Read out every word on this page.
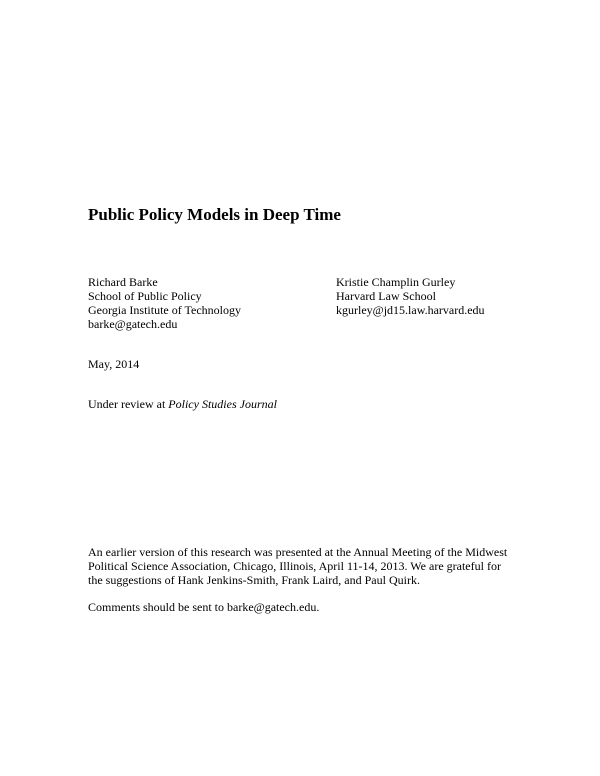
Public Policy Models in Deep Time
Richard Barke
School of Public Policy
Georgia Institute of Technology
barke@gatech.edu
Kristie Champlin Gurley
Harvard Law School
kgurley@jd15.law.harvard.edu
May, 2014
Under review at Policy Studies Journal
An earlier version of this research was presented at the Annual Meeting of the Midwest
Political Science Association, Chicago, Illinois, April 11-14, 2013. We are grateful for
the suggestions of Hank Jenkins-Smith, Frank Laird, and Paul Quirk.
Comments should be sent to barke@gatech.edu.
